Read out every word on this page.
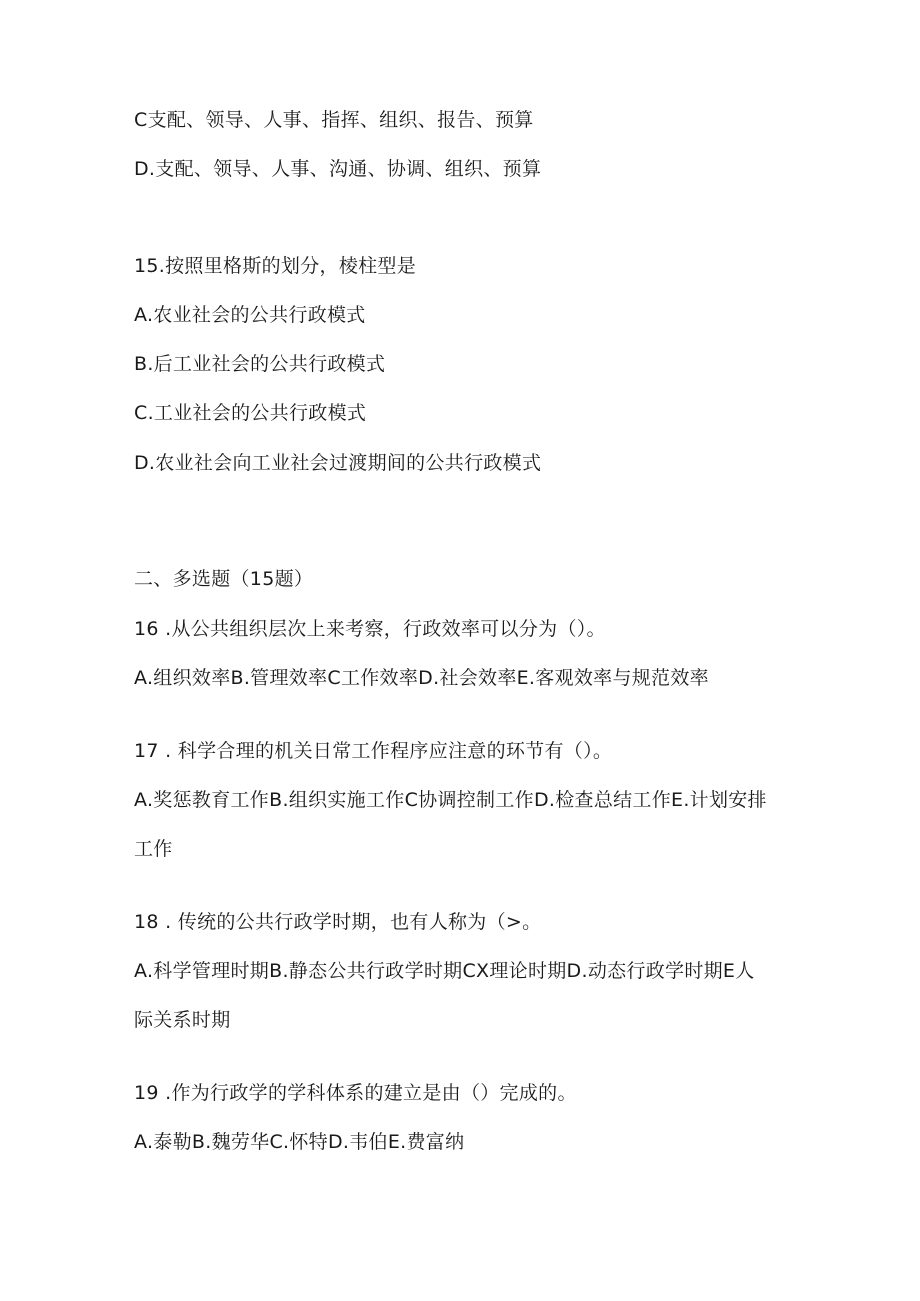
C支配、领导、人事、指挥、组织、报告、预算
D.支配、领导、人事、沟通、协调、组织、预算
15.按照里格斯的划分，棱柱型是
A.农业社会的公共行政模式
B.后工业社会的公共行政模式
C.工业社会的公共行政模式
D.农业社会向工业社会过渡期间的公共行政模式
二、多选题（15题）
16 .从公共组织层次上来考察，行政效率可以分为（）。
A.组织效率B.管理效率C工作效率D.社会效率E.客观效率与规范效率
17 . 科学合理的机关日常工作程序应注意的环节有（）。
A.奖惩教育工作B.组织实施工作C协调控制工作D.检查总结工作E.计划安排
工作
18 . 传统的公共行政学时期，也有人称为（>。
A.科学管理时期B.静态公共行政学时期CX理论时期D.动态行政学时期E人
际关系时期
19 .作为行政学的学科体系的建立是由（）完成的。
A.泰勒B.魏劳华C.怀特D.韦伯E.费富纳
